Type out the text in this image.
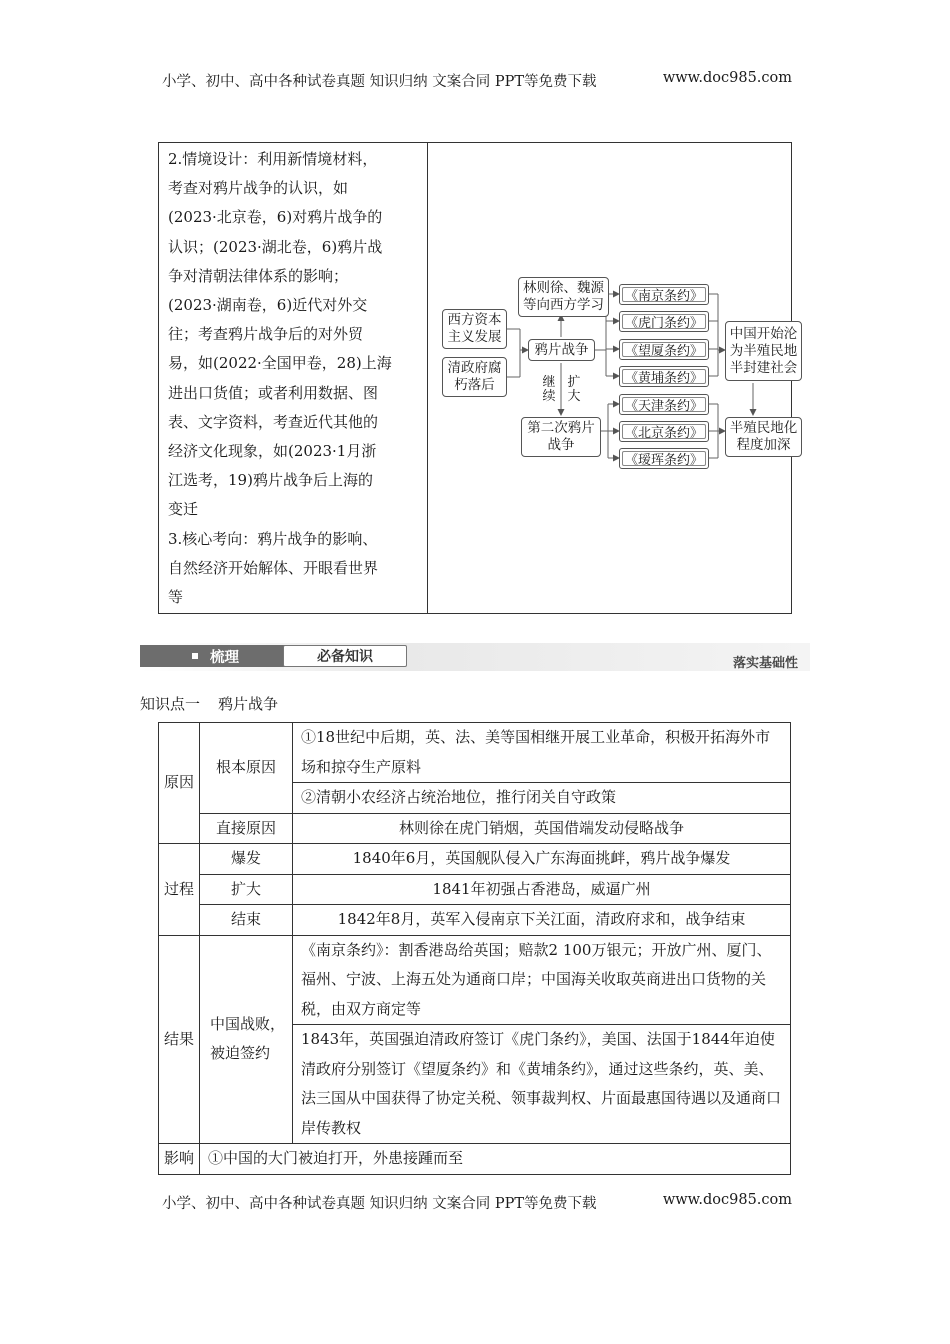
小学、初中、高中各种试卷真题 知识归纳 文案合同 PPT等免费下载	www.doc985.com
2.情境设计：利用新情境材料，
考查对鸦片战争的认识，如
(2023·北京卷，6)对鸦片战争的
认识；(2023·湖北卷，6)鸦片战
争对清朝法律体系的影响；
(2023·湖南卷，6)近代对外交
往；考查鸦片战争后的对外贸
易，如(2022·全国甲卷，28)上海
进出口货值；或者利用数据、图
表、文字资料，考查近代其他的
经济文化现象，如(2023·1月浙
江选考，19)鸦片战争后上海的
变迁
3.核心考向：鸦片战争的影响、
自然经济开始解体、开眼看世界
等

西方资本
主义发展
清政府腐
朽落后
林则徐、魏源
等向西方学习
鸦片战争
继续
扩大
第二次鸦片
战争
《南京条约》
《虎门条约》
《望厦条约》
《黄埔条约》
《天津条约》
《北京条约》
《瑷珲条约》
中国开始沦
为半殖民地
半封建社会
半殖民地化
程度加深
梳理	必备知识	落实基础性
知识点一 鸦片战争
原因	根本原因	①18世纪中后期，英、法、美等国相继开展工业革命，积极开拓海外市场和掠夺生产原料
		②清朝小农经济占统治地位，推行闭关自守政策
	直接原因	林则徐在虎门销烟，英国借端发动侵略战争
过程	爆发	1840年6月，英国舰队侵入广东海面挑衅，鸦片战争爆发
	扩大	1841年初强占香港岛，威逼广州
	结束	1842年8月，英军入侵南京下关江面，清政府求和，战争结束
结果	中国战败，被迫签约	《南京条约》：割香港岛给英国；赔款2 100万银元；开放广州、厦门、福州、宁波、上海五处为通商口岸；中国海关收取英商进出口货物的关税，由双方商定等
		1843年，英国强迫清政府签订《虎门条约》，美国、法国于1844年迫使清政府分别签订《望厦条约》和《黄埔条约》，通过这些条约，英、美、法三国从中国获得了协定关税、领事裁判权、片面最惠国待遇以及通商口岸传教权
影响	①中国的大门被迫打开，外患接踵而至	
小学、初中、高中各种试卷真题 知识归纳 文案合同 PPT等免费下载	www.doc985.com
